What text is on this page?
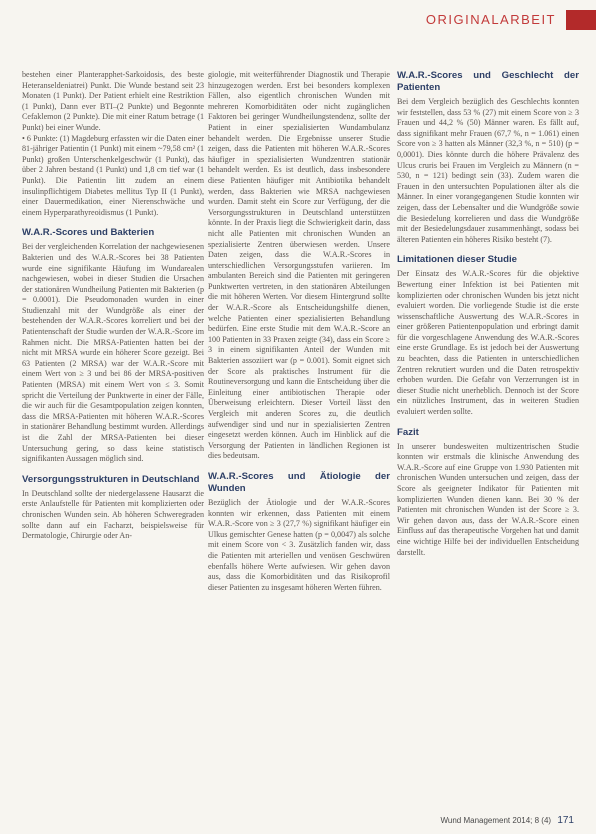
ORIGINALARBEIT

bestehen einer Planterapphet-Sarkoidosis, des beste Heteranseldeniatrei) Punkt. Die Wunde bestand seit 23 Monaten (1 Punkt). Der Patient erhielt eine Restriktion (1 Punkt), Dann ever BTI–(2 Punkte) und Begonnte Cefaklemon (2 Punkte). Die mit einer Ratum betrage (1 Punkt) bei einer Wunde.

• 6 Punkte: (1) Magdeburg erfassten wir die Daten einer 81-jähriger Patientin (1 Punkt) mit einem ~79,58 cm² (1 Punkt) großen Unterschenkelgeschwür (1 Punkt), das über 2 Jahren bestand (1 Punkt) und 1,8 cm tief war (1 Punkt). Die Patientin litt zudem an einem insulinpflichtigem Diabetes mellitus Typ II (1 Punkt), einer Dauermedikation, einer Nierenschwäche und einem Hyperparathyreoidismus (1 Punkt).

W.A.R.-Scores und Bakterien

Bei der vergleichenden Korrelation der nachgewiesenen Bakterien und des W.A.R.-Scores bei 38 Patienten wurde eine signifikante Häufung im Wundarealen nachgewiesen, wobei in dieser Studien die Ursachen der stationären Wundheilung Patienten mit Bakterien (p = 0.0001). Die Pseudomonaden wurden in einer Studienzahl mit der Wundgröße als einer der bestehenden der W.A.R.-Scores korreliert und bei der Patientenschaft der Studie wurden der W.A.R.-Score im Rahmen nicht. Die MRSA-Patienten hatten bei der nicht mit MRSA wurde ein höherer Score gezeigt. Bei 63 Patienten (2 MRSA) war der W.A.R.-Score mit einem Wert von ≥ 3 und bei 86 der MRSA-positiven Patienten (MRSA) mit einem Wert von ≤ 3. Somit spricht die Verteilung der Punktwerte in einer der Fälle, die wir auch für die Gesamtpopulation zeigen konnten, dass die MRSA-Patienten mit höheren W.A.R.-Scores in stationärer Behandlung bestimmt wurden. Allerdings ist die Zahl der MRSA-Patienten bei dieser Untersuchung gering, so dass keine statistisch signifikanten Aussagen möglich sind.

Versorgungsstrukturen in Deutschland

In Deutschland sollte der niedergelassene Hausarzt die erste Anlaufstelle für Patienten mit komplizierten oder chronischen Wunden sein. Ab höheren Schweregraden sollte dann auf ein Facharzt, beispielsweise für Dermatologie, Chirurgie oder An-

giologie, mit weiterführender Diagnostik und Therapie hinzugezogen werden. Erst bei besonders komplexen Fällen, also eigentlich chronischen Wunden mit mehreren Komorbiditäten oder nicht zugänglichen Faktoren bei geringer Wundheilungstendenz, sollte der Patient in einer spezialisierten Wundambulanz behandelt werden. Die Ergebnisse unserer Studie zeigen, dass die Patienten mit höheren W.A.R.-Scores häufiger in spezialisierten Wundzentren stationär behandelt werden. Es ist deutlich, dass insbesondere diese Patienten häufiger mit Antibiotika behandelt werden, dass Bakterien wie MRSA nachgewiesen wurden. Damit steht ein Score zur Verfügung, der die Versorgungsstrukturen in Deutschland unterstützen könnte. In der Praxis liegt die Schwierigkeit darin, dass nicht alle Patienten mit chronischen Wunden an spezialisierte Zentren überwiesen werden. Unsere Daten zeigen, dass die W.A.R.-Scores in unterschiedlichen Versorgungsstufen variieren. Im ambulanten Bereich sind die Patienten mit geringeren Punktwerten vertreten, in den stationären Abteilungen die mit höheren Werten. Vor diesem Hintergrund sollte der W.A.R.-Score als Entscheidungshilfe dienen, welche Patienten einer spezialisierten Behandlung bedürfen. Eine erste Studie mit dem W.A.R.-Score an 100 Patienten in 33 Praxen zeigte (34), dass ein Score ≥ 3 in einem signifikanten Anteil der Wunden mit Bakterien assoziiert war (p = 0.001). Somit eignet sich der Score als praktisches Instrument für die Routineversorgung und kann die Entscheidung über die Einleitung einer antibiotischen Therapie oder Überweisung erleichtern. Dieser Vorteil lässt den Vergleich mit anderen Scores zu, die deutlich aufwendiger sind und nur in spezialisierten Zentren eingesetzt werden können. Auch im Hinblick auf die Versorgung der Patienten in ländlichen Regionen ist dies bedeutsam.

W.A.R.-Scores und Ätiologie der Wunden

Bezüglich der Ätiologie und der W.A.R.-Scores konnten wir erkennen, dass Patienten mit einem W.A.R.-Score von ≥ 3 (27,7 %) signifikant häufiger ein Ulkus gemischter Genese hatten (p = 0,0047) als solche mit einem Score von < 3. Zusätzlich fanden wir, dass die Patienten mit arteriellen und venösen Geschwüren ebenfalls höhere Werte aufwiesen. Wir gehen davon aus, dass die Komorbiditäten und das Risikoprofil dieser Patienten zu insgesamt höheren Werten führen.

W.A.R.-Scores und Geschlecht der Patienten

Bei dem Vergleich bezüglich des Geschlechts konnten wir feststellen, dass 53 % (27) mit einem Score von ≥ 3 Frauen und 44,2 % (50) Männer waren. Es fällt auf, dass signifikant mehr Frauen (67,7 %, n = 1.061) einen Score von ≥ 3 hatten als Männer (32,3 %, n = 510) (p = 0,0001). Dies könnte durch die höhere Prävalenz des Ulcus cruris bei Frauen im Vergleich zu Männern (n = 530, n = 121) bedingt sein (33). Zudem waren die Frauen in den untersuchten Populationen älter als die Männer. In einer vorangegangenen Studie konnten wir zeigen, dass der Lebensalter und die Wundgröße sowie die Besiedelung korrelieren und dass die Wundgröße mit der Besiedelungsdauer zusammenhängt, sodass bei älteren Patienten ein höheres Risiko besteht (7).

Limitationen dieser Studie

Der Einsatz des W.A.R.-Scores für die objektive Bewertung einer Infektion ist bei Patienten mit komplizierten oder chronischen Wunden bis jetzt nicht evaluiert worden. Die vorliegende Studie ist die erste wissenschaftliche Auswertung des W.A.R.-Scores in einer größeren Patientenpopulation und erbringt damit für die vorgeschlagene Anwendung des W.A.R.-Scores eine erste Grundlage. Es ist jedoch bei der Auswertung zu beachten, dass die Patienten in unterschiedlichen Zentren rekrutiert wurden und die Daten retrospektiv erhoben wurden. Die Gefahr von Verzerrungen ist in dieser Studie nicht unerheblich. Dennoch ist der Score ein nützliches Instrument, das in weiteren Studien evaluiert werden sollte.

Fazit

In unserer bundesweiten multizentrischen Studie konnten wir erstmals die klinische Anwendung des W.A.R.-Score auf eine Gruppe von 1.930 Patienten mit chronischen Wunden untersuchen und zeigen, dass der Score als geeigneter Indikator für Patienten mit komplizierten Wunden dienen kann. Bei 30 % der Patienten mit chronischen Wunden ist der Score ≥ 3. Wir gehen davon aus, dass der W.A.R.-Score einen Einfluss auf das therapeutische Vorgehen hat und damit eine wichtige Hilfe bei der individuellen Entscheidung darstellt.

Wund Management 2014; 8 (4) 171
